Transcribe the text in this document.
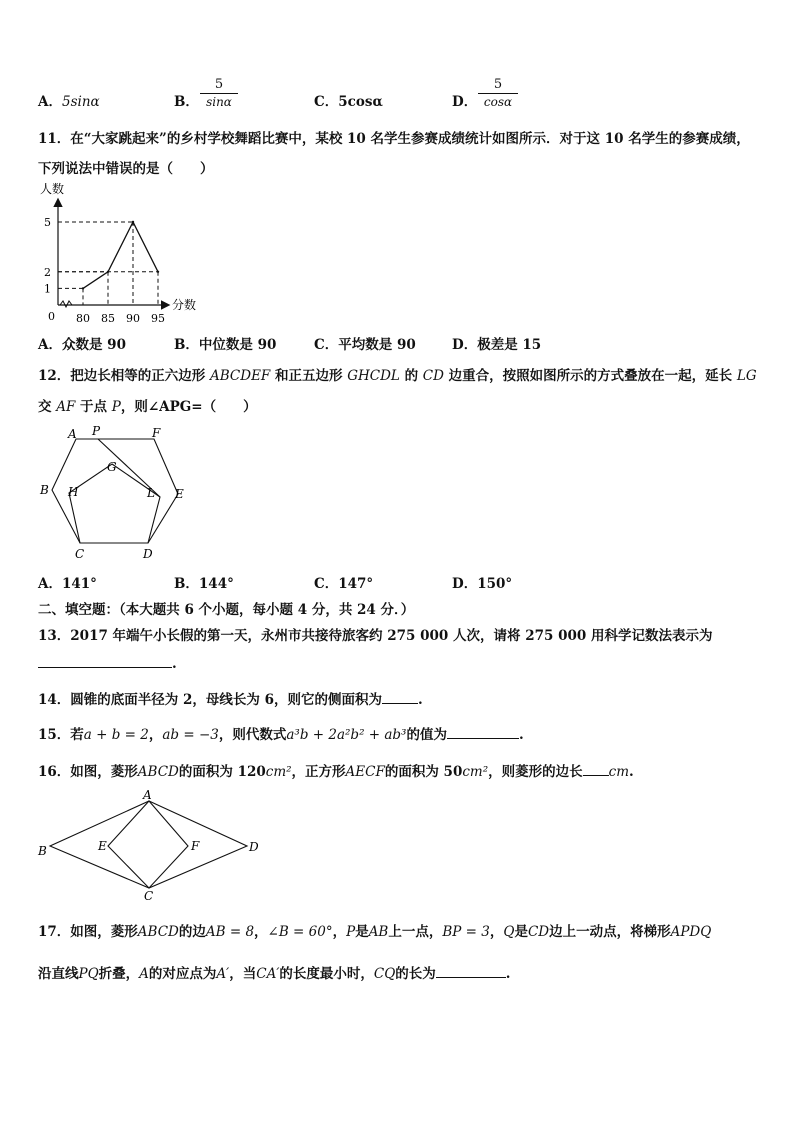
A．5sinα	B．
5
sinα	C．5cosα	D．
5
cosα
11．在“大家跳起来”的乡村学校舞蹈比赛中，某校 10 名学生参赛成绩统计如图所示．对于这 10 名学生的参赛成绩，
下列说法中错误的是（　　）
人数
分数
0 80 85 90 95
1
2
5
A．众数是 90	B．中位数是 90	C．平均数是 90	D．极差是 15
12．把边长相等的正六边形 ABCDEF 和正五边形 GHCDL 的 CD 边重合，按照如图所示的方式叠放在一起，延长 LG
交 AF 于点 P，则∠APG=（　　）
A P	F
G
B H	L E
C	D
A．141°	B．144°	C．147°	D．150°
二、填空题：（本大题共 6 个小题，每小题 4 分，共 24 分．）
13．2017 年端午小长假的第一天，永州市共接待旅客约 275 000 人次，请将 275 000 用科学记数法表示为
.
14．圆锥的底面半径为 2，母线长为 6，则它的侧面积为	.
15．若a + b = 2，ab = −3，则代数式a³b + 2a²b² + ab³的值为	.
16．如图，菱形ABCD的面积为 120cm²，正方形AECF的面积为 50cm²，则菱形的边长 cm.
A
B
C
D
E	F
17．如图，菱形ABCD的边AB = 8，∠B = 60°，P是AB上一点，BP = 3，Q是CD边上一动点，将梯形APDQ
沿直线PQ折叠，A的对应点为A′，当CA′的长度最小时，CQ的长为	.
